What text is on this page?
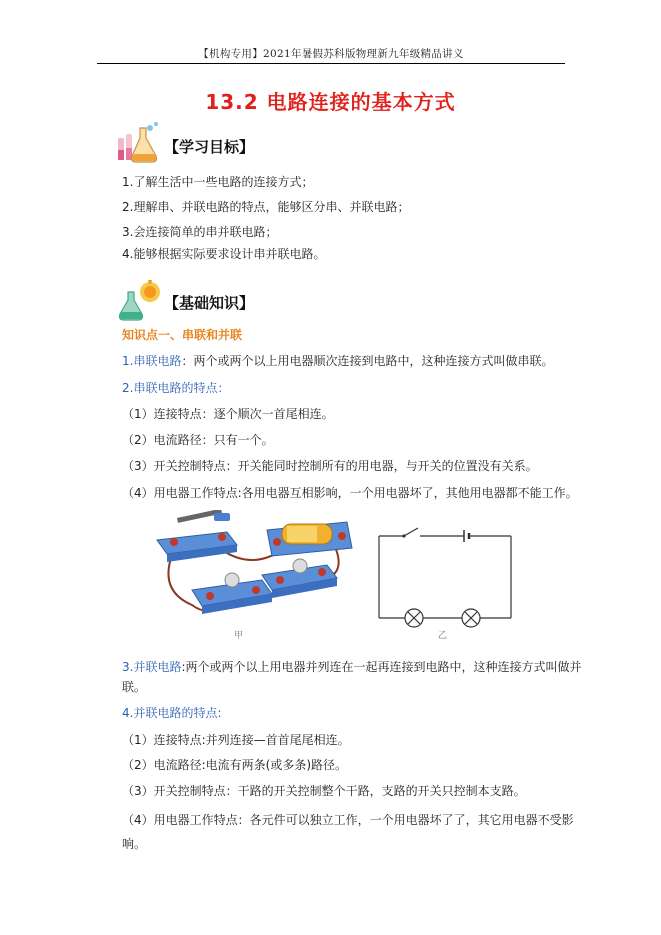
【机构专用】2021年暑假苏科版物理新九年级精品讲义
13.2 电路连接的基本方式
【学习目标】
1.了解生活中一些电路的连接方式；
2.理解串、并联电路的特点，能够区分串、并联电路；
3.会连接简单的串并联电路；
4.能够根据实际要求设计串并联电路。
【基础知识】
知识点一、串联和并联
1.串联电路：两个或两个以上用电器顺次连接到电路中，这种连接方式叫做串联。
2.串联电路的特点：
（1）连接特点：逐个顺次一首尾相连。
（2）电流路径：只有一个。
（3）开关控制特点：开关能同时控制所有的用电器，与开关的位置没有关系。
（4）用电器工作特点:各用电器互相影响，一个用电器坏了，其他用电器都不能工作。
甲	乙
3.并联电路:两个或两个以上用电器并列连在一起再连接到电路中，这种连接方式叫做并联。
4.并联电路的特点:
（1）连接特点:并列连接—首首尾尾相连。
（2）电流路径:电流有两条(或多条)路径。
（3）开关控制特点：干路的开关控制整个干路，支路的开关只控制本支路。
（4）用电器工作特点：各元件可以独立工作，一个用电器坏了了，其它用电器不受影响。
